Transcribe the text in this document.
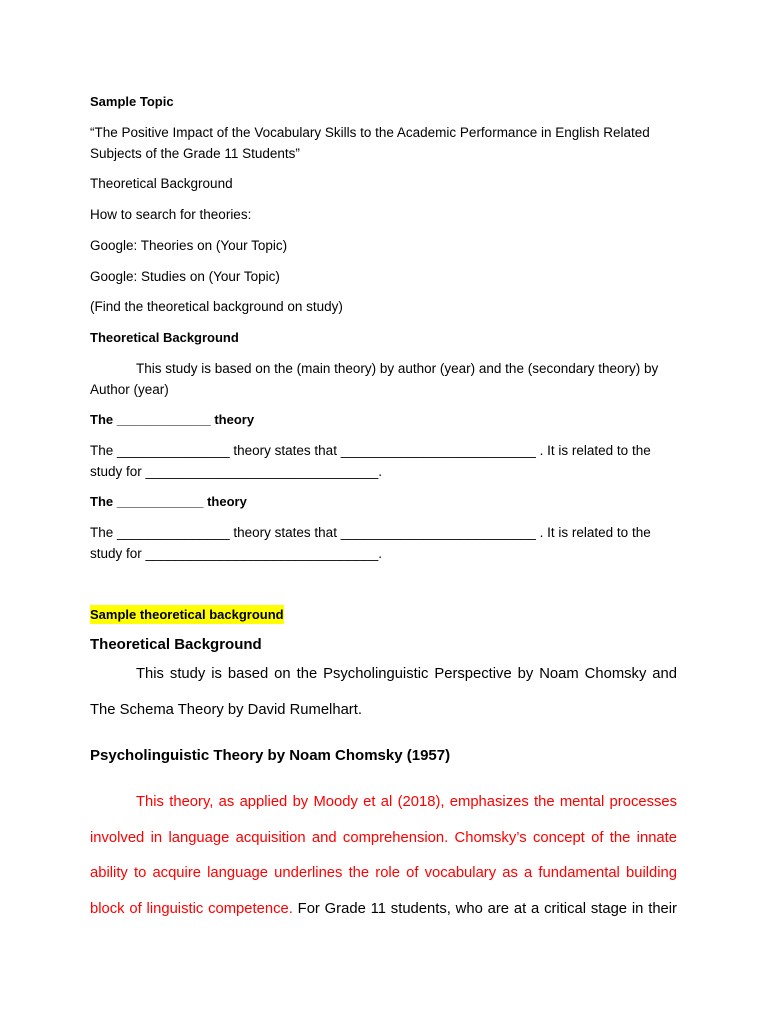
Sample Topic
“The Positive Impact of the Vocabulary Skills to the Academic Performance in English Related
Subjects of the Grade 11 Students”
Theoretical Background
How to search for theories:
Google: Theories on (Your Topic)
Google: Studies on (Your Topic)
(Find the theoretical background on study)
Theoretical Background
This study is based on the (main theory) by author (year) and the (secondary theory) by
Author (year)
The _____________ theory
The _______________ theory states that __________________________ . It is related to the
study for _______________________________.
The ____________ theory
The _______________ theory states that __________________________ . It is related to the
study for _______________________________.
Sample theoretical background
Theoretical Background
This study is based on the Psycholinguistic Perspective by Noam Chomsky and
The Schema Theory by David Rumelhart.
Psycholinguistic Theory by Noam Chomsky (1957)
This theory, as applied by Moody et al (2018), emphasizes the mental processes
involved in language acquisition and comprehension. Chomsky’s concept of the innate
ability to acquire language underlines the role of vocabulary as a fundamental building
block of linguistic competence. For Grade 11 students, who are at a critical stage in their
